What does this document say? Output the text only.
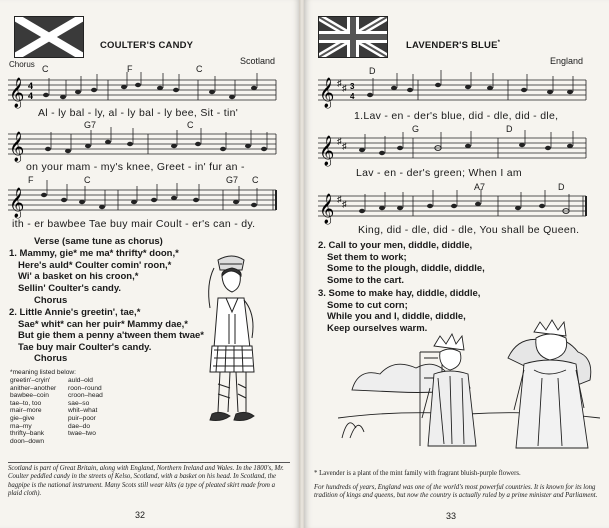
COULTER'S CANDY
Scotland
Chorus C	F	C
𝄞 4
4
Al - ly bal - ly, al - ly bal - ly bee, Sit - tin'
G7	C
𝄞
on your mam - my's knee, Greet - in' fur an -
F	C	G7 C
𝄞
ith - er bawbee Tae buy mair Coult - er's can - dy.
Verse (same tune as chorus)
1. Mammy, gie* me ma* thrifty* doon,*
Here's auld* Coulter comin' roon,*
Wi' a basket on his croon,*
Sellin' Coulter's candy.
Chorus
2. Little Annie's greetin', tae,*
Sae* whit* can her puir* Mammy dae,*
But gie them a penny a'tween them twae*
Tae buy mair Coulter's candy.
Chorus
*meaning listed below:
greetin'–cryin'
anither–another
bawbee–coin
tae–to, too
mair–more
gie–give
ma–my
thrifty–bank
doon–down
auld–old
roon–round
croon–head
sae–so
whit–what
puir–poor
dae–do
twae–two
Scotland is part of Great Britain, along with England, Northern Ireland and Wales. In the 1800's, Mr. Coulter peddled candy in the streets of Kelso, Scotland, with a basket on his head. In Scotland, the bagpipe is the national instrument. Many Scots still wear kilts (a type of pleated skirt made from a plaid cloth).
32
LAVENDER'S BLUE*
England
D
𝄞 ♯ ♯ 3
4
1.Lav - en - der's blue, did - dle, did - dle,
G	D
𝄞 ♯ ♯
Lav - en - der's green; When I am
A7	D
𝄞 ♯ ♯
King, did - dle, did - dle, You shall be Queen.
2. Call to your men, diddle, diddle,
Set them to work;
Some to the plough, diddle, diddle,
Some to the cart.
3. Some to make hay, diddle, diddle,
Some to cut corn;
While you and I, diddle, diddle,
Keep ourselves warm.
* Lavender is a plant of the mint family with fragrant bluish-purple flowers.
For hundreds of years, England was one of the world's most powerful countries. It is known for its long tradition of kings and queens, but now the country is actually ruled by a prime minister and Parliament.
33
